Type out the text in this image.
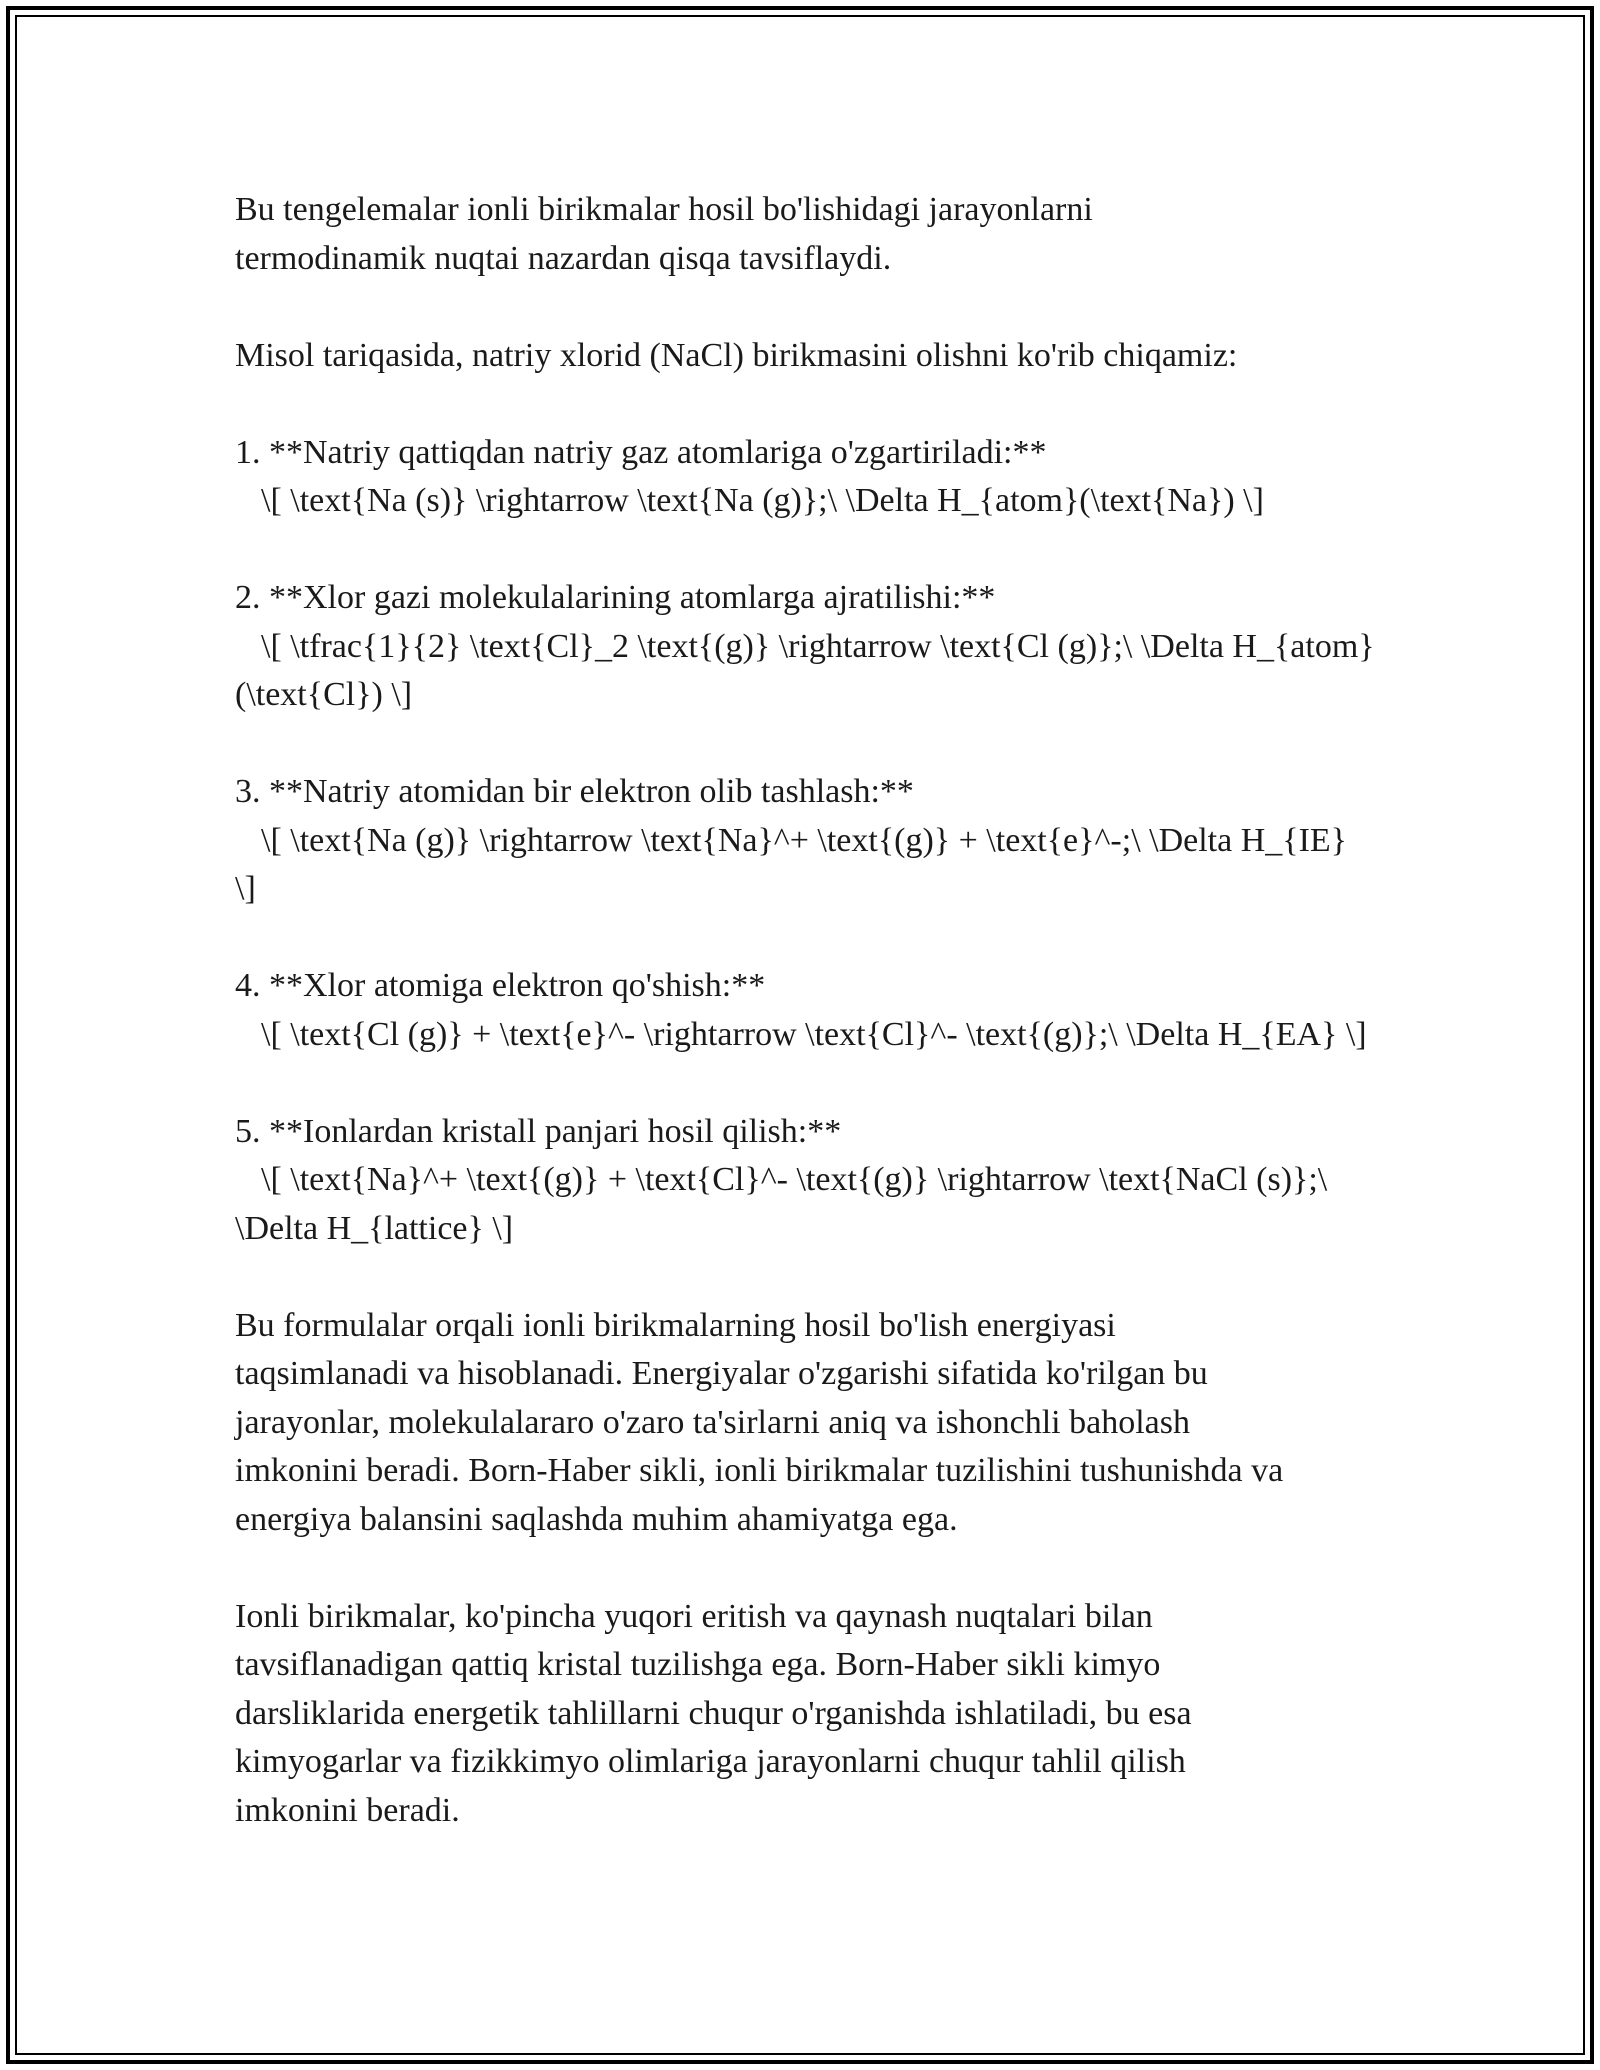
Bu tengelemalar ionli birikmalar hosil bo'lishidagi jarayonlarni
termodinamik nuqtai nazardan qisqa tavsiflaydi.

Misol tariqasida, natriy xlorid (NaCl) birikmasini olishni ko'rib chiqamiz:

1. **Natriy qattiqdan natriy gaz atomlariga o'zgartiriladi:**
\[ \text{Na (s)} \rightarrow \text{Na (g)};\ \Delta H_{atom}(\text{Na}) \]
2. **Xlor gazi molekulalarining atomlarga ajratilishi:**
\[ \tfrac{1}{2} \text{Cl}_2 \text{(g)} \rightarrow \text{Cl (g)};\ \Delta H_{atom}(\text{Cl}) \]
3. **Natriy atomidan bir elektron olib tashlash:**
\[ \text{Na (g)} \rightarrow \text{Na}^+ \text{(g)} + \text{e}^-;\ \Delta H_{IE} \]
4. **Xlor atomiga elektron qo'shish:**
\[ \text{Cl (g)} + \text{e}^- \rightarrow \text{Cl}^- \text{(g)};\ \Delta H_{EA} \]
5. **Ionlardan kristall panjari hosil qilish:**
\[ \text{Na}^+ \text{(g)} + \text{Cl}^- \text{(g)} \rightarrow \text{NaCl (s)};\ \Delta H_{lattice} \]

Bu formulalar orqali ionli birikmalarning hosil bo'lish energiyasi
taqsimlanadi va hisoblanadi. Energiyalar o'zgarishi sifatida ko'rilgan bu
jarayonlar, molekulalararo o'zaro ta'sirlarni aniq va ishonchli baholash
imkonini beradi. Born-Haber sikli, ionli birikmalar tuzilishini tushunishda va
energiya balansini saqlashda muhim ahamiyatga ega.

Ionli birikmalar, ko'pincha yuqori eritish va qaynash nuqtalari bilan
tavsiflanadigan qattiq kristal tuzilishga ega. Born-Haber sikli kimyo
darsliklarida energetik tahlillarni chuqur o'rganishda ishlatiladi, bu esa
kimyogarlar va fizikkimyo olimlariga jarayonlarni chuqur tahlil qilish
imkonini beradi.
